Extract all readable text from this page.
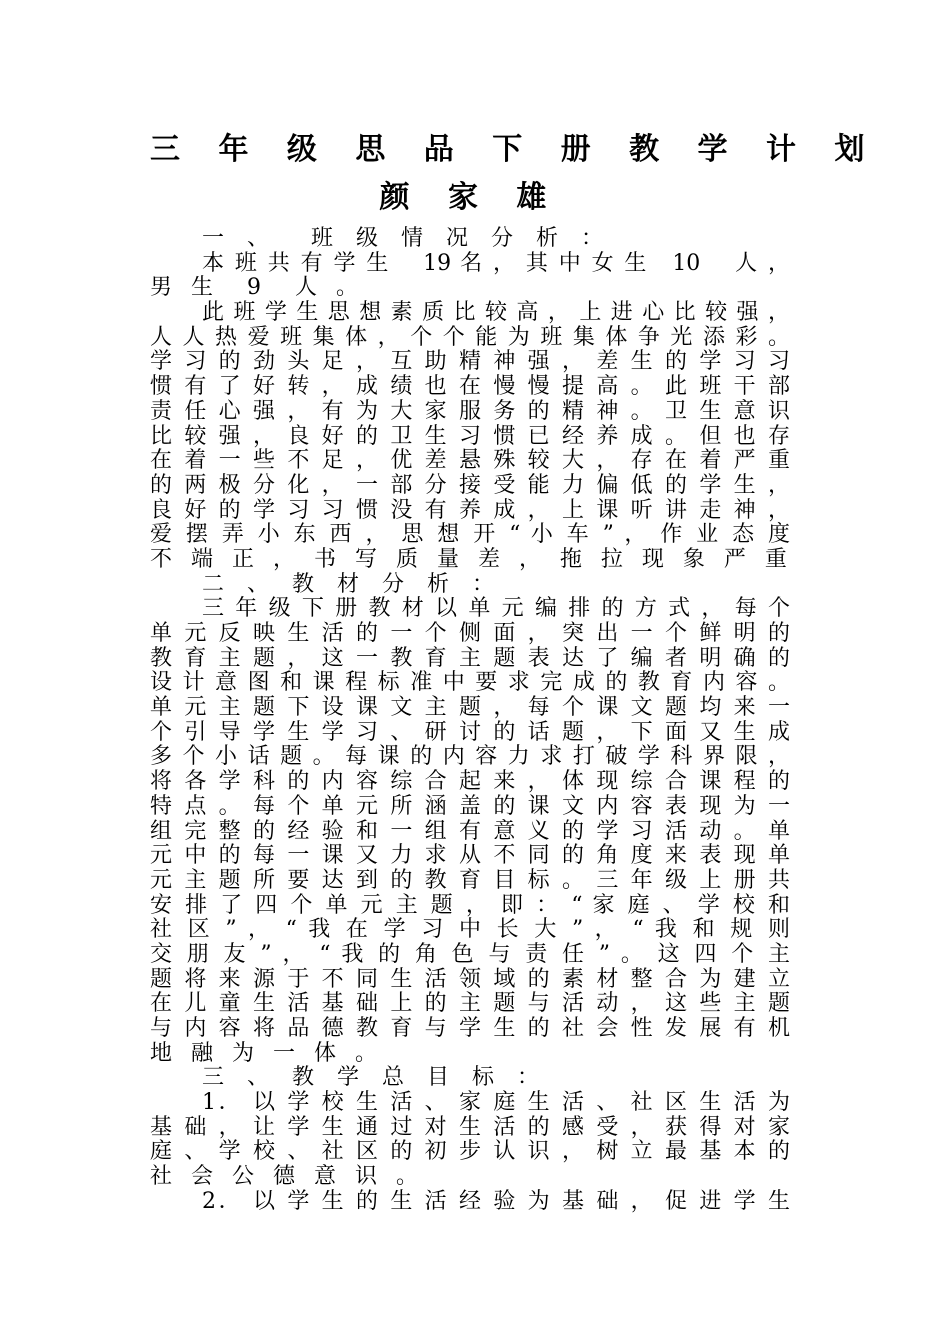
三 年 级 思 品 下 册 教 学 计 划
颜 家 雄
一 、　 班 级 情 况 分 析 ：
本 班 共 有 学 生　 19 名 ， 其 中 女 生　10　 人 ，
男 生　9　人 。
此 班 学 生 思 想 素 质 比 较 高 ， 上 进 心 比 较 强 ，
人 人 热 爱 班 集 体 ， 个 个 能 为 班 集 体 争 光 添 彩 。
学 习 的 劲 头 足 ， 互 助 精 神 强 ， 差 生 的 学 习 习
惯 有 了 好 转 ， 成 绩 也 在 慢 慢 提 高 。 此 班 干 部
责 任 心 强 ， 有 为 大 家 服 务 的 精 神 。 卫 生 意 识
比 较 强 ， 良 好 的 卫 生 习 惯 已 经 养 成 。 但 也 存
在 着 一 些 不 足 ， 优 差 悬 殊 较 大 ， 存 在 着 严 重
的 两 极 分 化 ， 一 部 分 接 受 能 力 偏 低 的 学 生 ，
良 好 的 学 习 习 惯 没 有 养 成 ， 上 课 听 讲 走 神 ，
爱 摆 弄 小 东 西 ， 思 想 开 “ 小 车 ” ， 作 业 态 度
不 端 正 ， 书 写 质 量 差 ， 拖 拉 现 象 严 重
二 、 教 材 分 析 ：
三 年 级 下 册 教 材 以 单 元 编 排 的 方 式 ， 每 个
单 元 反 映 生 活 的 一 个 侧 面 ， 突 出 一 个 鲜 明 的
教 育 主 题 ， 这 一 教 育 主 题 表 达 了 编 者 明 确 的
设 计 意 图 和 课 程 标 准 中 要 求 完 成 的 教 育 内 容 。
单 元 主 题 下 设 课 文 主 题 ， 每 个 课 文 题 均 来 一
个 引 导 学 生 学 习 、 研 讨 的 话 题 ， 下 面 又 生 成
多 个 小 话 题 。 每 课 的 内 容 力 求 打 破 学 科 界 限 ，
将 各 学 科 的 内 容 综 合 起 来 ， 体 现 综 合 课 程 的
特 点 。 每 个 单 元 所 涵 盖 的 课 文 内 容 表 现 为 一
组 完 整 的 经 验 和 一 组 有 意 义 的 学 习 活 动 。 单
元 中 的 每 一 课 又 力 求 从 不 同 的 角 度 来 表 现 单
元 主 题 所 要 达 到 的 教 育 目 标 。 三 年 级 上 册 共
安 排 了 四 个 单 元 主 题 ， 即 ： “ 家 庭 、 学 校 和
社 区 ” ， “ 我 在 学 习 中 长 大 ” ， “ 我 和 规 则
交 朋 友 ” ， “ 我 的 角 色 与 责 任 ” 。 这 四 个 主
题 将 来 源 于 不 同 生 活 领 域 的 素 材 整 合 为 建 立
在 儿 童 生 活 基 础 上 的 主 题 与 活 动 ， 这 些 主 题
与 内 容 将 品 德 教 育 与 学 生 的 社 会 性 发 展 有 机
地 融 为 一 体 。
三 、 教 学 总 目 标 ：
1． 以 学 校 生 活 、 家 庭 生 活 、 社 区 生 活 为
基 础 ， 让 学 生 通 过 对 生 活 的 感 受 ， 获 得 对 家
庭 、 学 校 、 社 区 的 初 步 认 识 ， 树 立 最 基 本 的
社 会 公 德 意 识 。
2． 以 学 生 的 生 活 经 验 为 基 础 ， 促 进 学 生
